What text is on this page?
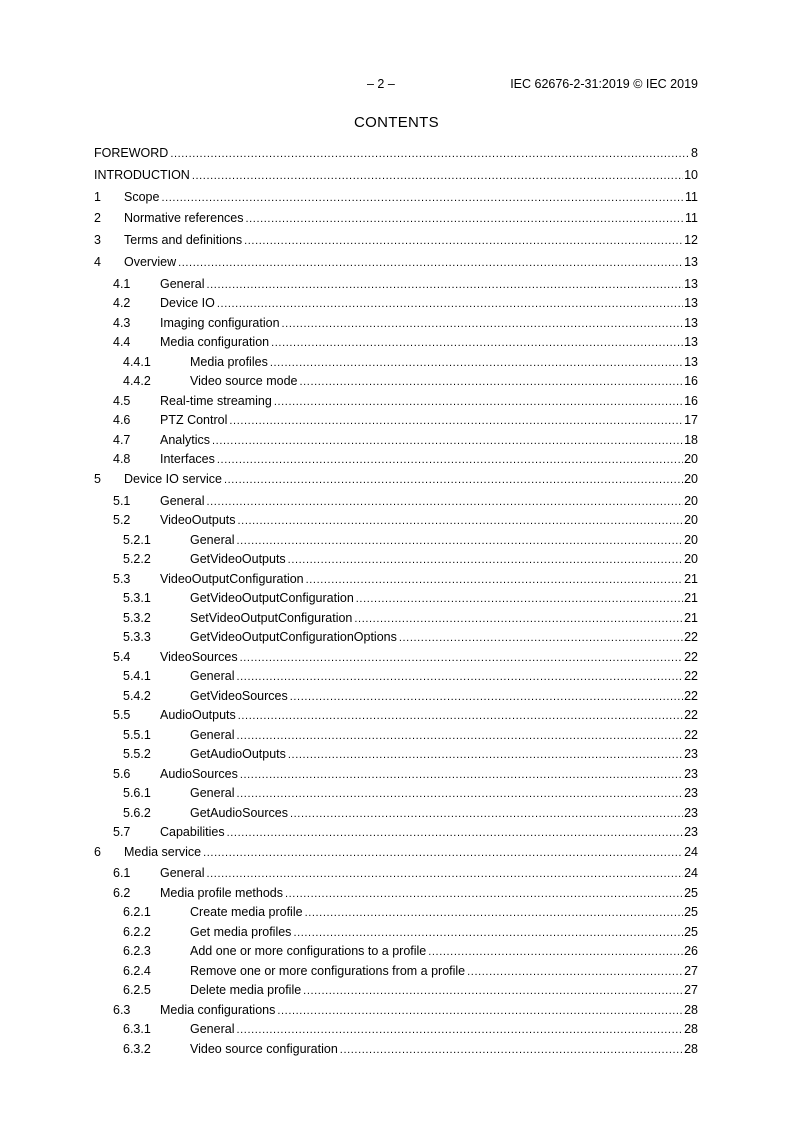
– 2 –	IEC 62676-2-31:2019 © IEC 2019
CONTENTS
FOREWORD .....	8
INTRODUCTION .....	10
1 Scope .....	11
2 Normative references .....	11
3 Terms and definitions .....	12
4 Overview .....	13
4.1 General .....	13
4.2 Device IO .....	13
4.3 Imaging configuration .....	13
4.4 Media configuration .....	13
4.4.1	Media profiles .....	13
4.4.2	Video source mode .....	16
4.5 Real-time streaming .....	16
4.6 PTZ Control .....	17
4.7 Analytics .....	18
4.8 Interfaces .....	20
5 Device IO service .....	20
5.1 General .....	20
5.2 VideoOutputs .....	20
5.2.1	General .....	20
5.2.2	GetVideoOutputs .....	20
5.3 VideoOutputConfiguration .....	21
5.3.1	GetVideoOutputConfiguration .....	21
5.3.2	SetVideoOutputConfiguration .....	21
5.3.3	GetVideoOutputConfigurationOptions .....	22
5.4 VideoSources .....	22
5.4.1	General .....	22
5.4.2	GetVideoSources .....	22
5.5 AudioOutputs .....	22
5.5.1	General .....	22
5.5.2	GetAudioOutputs .....	23
5.6 AudioSources .....	23
5.6.1	General .....	23
5.6.2	GetAudioSources .....	23
5.7 Capabilities .....	23
6 Media service .....	24
6.1 General .....	24
6.2 Media profile methods .....	25
6.2.1	Create media profile .....	25
6.2.2	Get media profiles .....	25
6.2.3	Add one or more configurations to a profile .....	26
6.2.4	Remove one or more configurations from a profile .....	27
6.2.5	Delete media profile .....	27
6.3 Media configurations .....	28
6.3.1	General .....	28
6.3.2	Video source configuration .....	28
